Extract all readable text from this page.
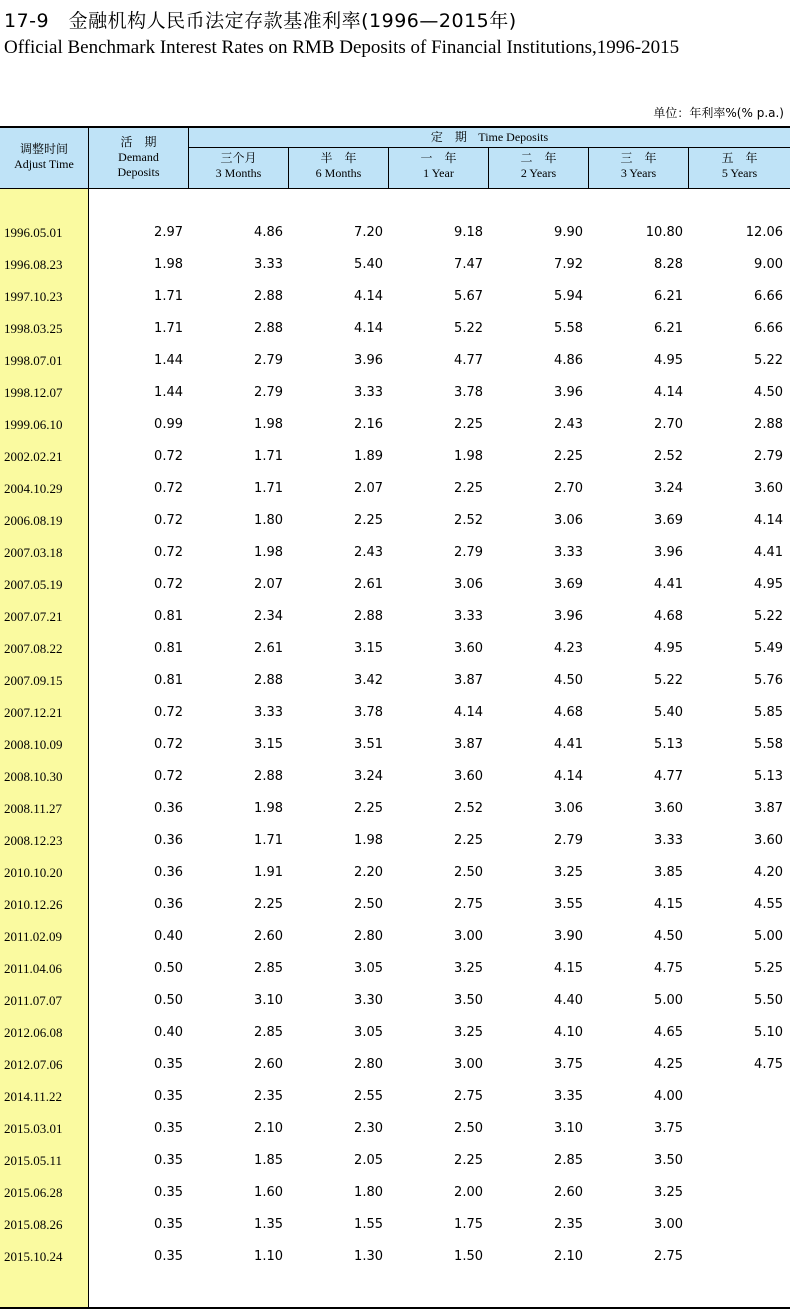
17-9　金融机构人民币法定存款基准利率(1996—2015年)
Official Benchmark Interest Rates on RMB Deposits of Financial Institutions,1996-2015
单位：年利率%(% p.a.)
调整时间
Adjust Time
活　期
Demand
Deposits
定　期 Time Deposits
三个月
3 Months
半　年
6 Months
一　年
1 Year
二　年
2 Years
三　年
3 Years
五　年
5 Years
1996.05.01	2.97	4.86	7.20	9.18	9.90	10.80	12.06
1996.08.23	1.98	3.33	5.40	7.47	7.92	8.28	9.00
1997.10.23	1.71	2.88	4.14	5.67	5.94	6.21	6.66
1998.03.25	1.71	2.88	4.14	5.22	5.58	6.21	6.66
1998.07.01	1.44	2.79	3.96	4.77	4.86	4.95	5.22
1998.12.07	1.44	2.79	3.33	3.78	3.96	4.14	4.50
1999.06.10	0.99	1.98	2.16	2.25	2.43	2.70	2.88
2002.02.21	0.72	1.71	1.89	1.98	2.25	2.52	2.79
2004.10.29	0.72	1.71	2.07	2.25	2.70	3.24	3.60
2006.08.19	0.72	1.80	2.25	2.52	3.06	3.69	4.14
2007.03.18	0.72	1.98	2.43	2.79	3.33	3.96	4.41
2007.05.19	0.72	2.07	2.61	3.06	3.69	4.41	4.95
2007.07.21	0.81	2.34	2.88	3.33	3.96	4.68	5.22
2007.08.22	0.81	2.61	3.15	3.60	4.23	4.95	5.49
2007.09.15	0.81	2.88	3.42	3.87	4.50	5.22	5.76
2007.12.21	0.72	3.33	3.78	4.14	4.68	5.40	5.85
2008.10.09	0.72	3.15	3.51	3.87	4.41	5.13	5.58
2008.10.30	0.72	2.88	3.24	3.60	4.14	4.77	5.13
2008.11.27	0.36	1.98	2.25	2.52	3.06	3.60	3.87
2008.12.23	0.36	1.71	1.98	2.25	2.79	3.33	3.60
2010.10.20	0.36	1.91	2.20	2.50	3.25	3.85	4.20
2010.12.26	0.36	2.25	2.50	2.75	3.55	4.15	4.55
2011.02.09	0.40	2.60	2.80	3.00	3.90	4.50	5.00
2011.04.06	0.50	2.85	3.05	3.25	4.15	4.75	5.25
2011.07.07	0.50	3.10	3.30	3.50	4.40	5.00	5.50
2012.06.08	0.40	2.85	3.05	3.25	4.10	4.65	5.10
2012.07.06	0.35	2.60	2.80	3.00	3.75	4.25	4.75
2014.11.22	0.35	2.35	2.55	2.75	3.35	4.00
2015.03.01	0.35	2.10	2.30	2.50	3.10	3.75
2015.05.11	0.35	1.85	2.05	2.25	2.85	3.50
2015.06.28	0.35	1.60	1.80	2.00	2.60	3.25
2015.08.26	0.35	1.35	1.55	1.75	2.35	3.00
2015.10.24	0.35	1.10	1.30	1.50	2.10	2.75
